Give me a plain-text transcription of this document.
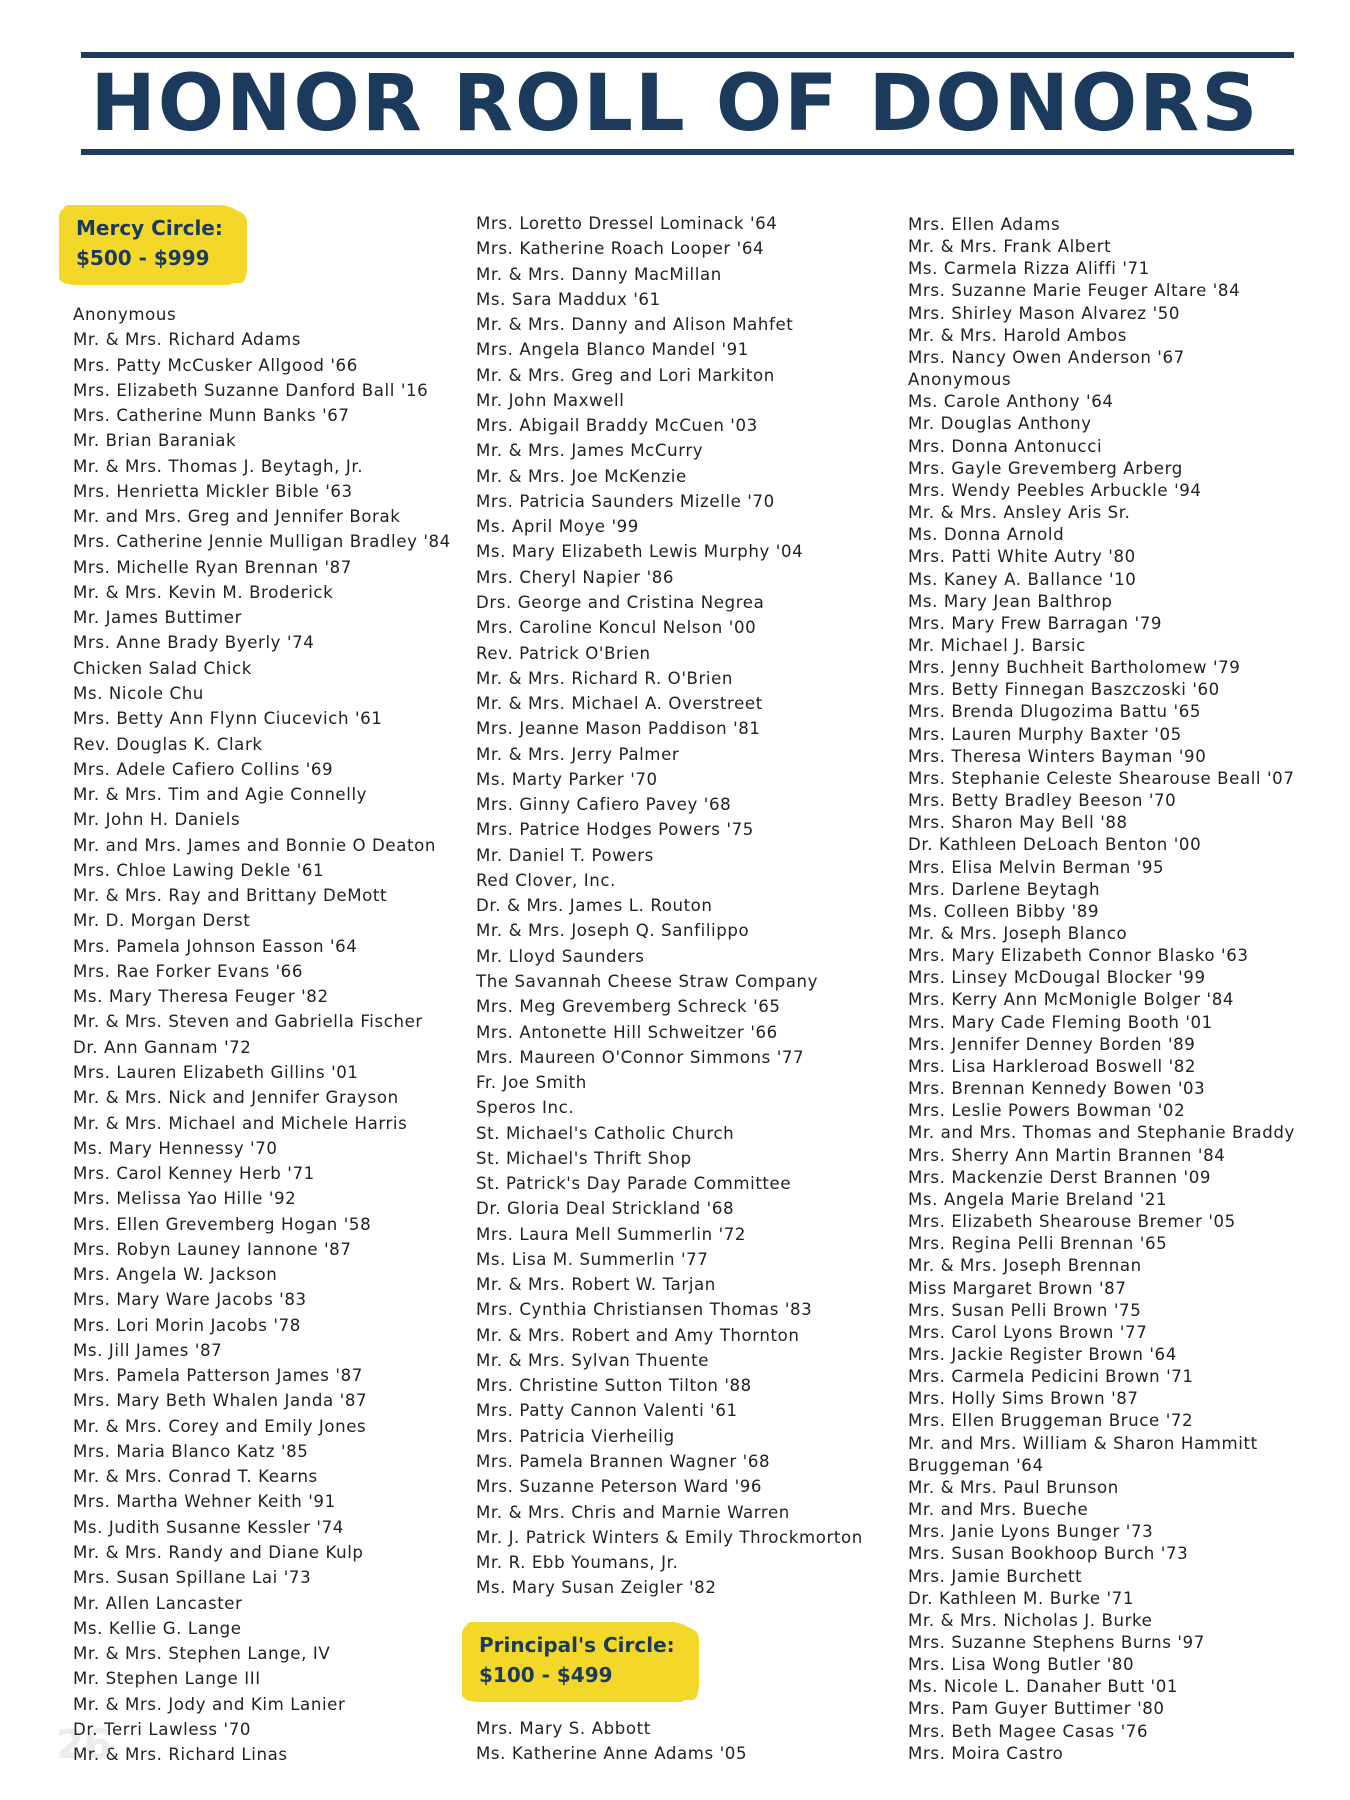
HONOR ROLL OF DONORS
26
Mercy Circle:
$500 - $999
Anonymous
Mr. & Mrs. Richard Adams
Mrs. Patty McCusker Allgood '66
Mrs. Elizabeth Suzanne Danford Ball '16
Mrs. Catherine Munn Banks '67
Mr. Brian Baraniak
Mr. & Mrs. Thomas J. Beytagh, Jr.
Mrs. Henrietta Mickler Bible '63
Mr. and Mrs. Greg and Jennifer Borak
Mrs. Catherine Jennie Mulligan Bradley '84
Mrs. Michelle Ryan Brennan '87
Mr. & Mrs. Kevin M. Broderick
Mr. James Buttimer
Mrs. Anne Brady Byerly '74
Chicken Salad Chick
Ms. Nicole Chu
Mrs. Betty Ann Flynn Ciucevich '61
Rev. Douglas K. Clark
Mrs. Adele Cafiero Collins '69
Mr. & Mrs. Tim and Agie Connelly
Mr. John H. Daniels
Mr. and Mrs. James and Bonnie O Deaton
Mrs. Chloe Lawing Dekle '61
Mr. & Mrs. Ray and Brittany DeMott
Mr. D. Morgan Derst
Mrs. Pamela Johnson Easson '64
Mrs. Rae Forker Evans '66
Ms. Mary Theresa Feuger '82
Mr. & Mrs. Steven and Gabriella Fischer
Dr. Ann Gannam '72
Mrs. Lauren Elizabeth Gillins '01
Mr. & Mrs. Nick and Jennifer Grayson
Mr. & Mrs. Michael and Michele Harris
Ms. Mary Hennessy '70
Mrs. Carol Kenney Herb '71
Mrs. Melissa Yao Hille '92
Mrs. Ellen Grevemberg Hogan '58
Mrs. Robyn Launey Iannone '87
Mrs. Angela W. Jackson
Mrs. Mary Ware Jacobs '83
Mrs. Lori Morin Jacobs '78
Ms. Jill James '87
Mrs. Pamela Patterson James '87
Mrs. Mary Beth Whalen Janda '87
Mr. & Mrs. Corey and Emily Jones
Mrs. Maria Blanco Katz '85
Mr. & Mrs. Conrad T. Kearns
Mrs. Martha Wehner Keith '91
Ms. Judith Susanne Kessler '74
Mr. & Mrs. Randy and Diane Kulp
Mrs. Susan Spillane Lai '73
Mr. Allen Lancaster
Ms. Kellie G. Lange
Mr. & Mrs. Stephen Lange, IV
Mr. Stephen Lange III
Mr. & Mrs. Jody and Kim Lanier
Dr. Terri Lawless '70
Mr. & Mrs. Richard Linas
Mrs. Loretto Dressel Lominack '64
Mrs. Katherine Roach Looper '64
Mr. & Mrs. Danny MacMillan
Ms. Sara Maddux '61
Mr. & Mrs. Danny and Alison Mahfet
Mrs. Angela Blanco Mandel '91
Mr. & Mrs. Greg and Lori Markiton
Mr. John Maxwell
Mrs. Abigail Braddy McCuen '03
Mr. & Mrs. James McCurry
Mr. & Mrs. Joe McKenzie
Mrs. Patricia Saunders Mizelle '70
Ms. April Moye '99
Ms. Mary Elizabeth Lewis Murphy '04
Mrs. Cheryl Napier '86
Drs. George and Cristina Negrea
Mrs. Caroline Koncul Nelson '00
Rev. Patrick O'Brien
Mr. & Mrs. Richard R. O'Brien
Mr. & Mrs. Michael A. Overstreet
Mrs. Jeanne Mason Paddison '81
Mr. & Mrs. Jerry Palmer
Ms. Marty Parker '70
Mrs. Ginny Cafiero Pavey '68
Mrs. Patrice Hodges Powers '75
Mr. Daniel T. Powers
Red Clover, Inc.
Dr. & Mrs. James L. Routon
Mr. & Mrs. Joseph Q. Sanfilippo
Mr. Lloyd Saunders
The Savannah Cheese Straw Company
Mrs. Meg Grevemberg Schreck '65
Mrs. Antonette Hill Schweitzer '66
Mrs. Maureen O'Connor Simmons '77
Fr. Joe Smith
Speros Inc.
St. Michael's Catholic Church
St. Michael's Thrift Shop
St. Patrick's Day Parade Committee
Dr. Gloria Deal Strickland '68
Mrs. Laura Mell Summerlin '72
Ms. Lisa M. Summerlin '77
Mr. & Mrs. Robert W. Tarjan
Mrs. Cynthia Christiansen Thomas '83
Mr. & Mrs. Robert and Amy Thornton
Mr. & Mrs. Sylvan Thuente
Mrs. Christine Sutton Tilton '88
Mrs. Patty Cannon Valenti '61
Mrs. Patricia Vierheilig
Mrs. Pamela Brannen Wagner '68
Mrs. Suzanne Peterson Ward '96
Mr. & Mrs. Chris and Marnie Warren
Mr. J. Patrick Winters & Emily Throckmorton
Mr. R. Ebb Youmans, Jr.
Ms. Mary Susan Zeigler '82
Principal's Circle:
$100 - $499
Mrs. Mary S. Abbott
Ms. Katherine Anne Adams '05
Mrs. Ellen Adams
Mr. & Mrs. Frank Albert
Ms. Carmela Rizza Aliffi '71
Mrs. Suzanne Marie Feuger Altare '84
Mrs. Shirley Mason Alvarez '50
Mr. & Mrs. Harold Ambos
Mrs. Nancy Owen Anderson '67
Anonymous
Ms. Carole Anthony '64
Mr. Douglas Anthony
Mrs. Donna Antonucci
Mrs. Gayle Grevemberg Arberg
Mrs. Wendy Peebles Arbuckle '94
Mr. & Mrs. Ansley Aris Sr.
Ms. Donna Arnold
Mrs. Patti White Autry '80
Ms. Kaney A. Ballance '10
Ms. Mary Jean Balthrop
Mrs. Mary Frew Barragan '79
Mr. Michael J. Barsic
Mrs. Jenny Buchheit Bartholomew '79
Mrs. Betty Finnegan Baszczoski '60
Mrs. Brenda Dlugozima Battu '65
Mrs. Lauren Murphy Baxter '05
Mrs. Theresa Winters Bayman '90
Mrs. Stephanie Celeste Shearouse Beall '07
Mrs. Betty Bradley Beeson '70
Mrs. Sharon May Bell '88
Dr. Kathleen DeLoach Benton '00
Mrs. Elisa Melvin Berman '95
Mrs. Darlene Beytagh
Ms. Colleen Bibby '89
Mr. & Mrs. Joseph Blanco
Mrs. Mary Elizabeth Connor Blasko '63
Mrs. Linsey McDougal Blocker '99
Mrs. Kerry Ann McMonigle Bolger '84
Mrs. Mary Cade Fleming Booth '01
Mrs. Jennifer Denney Borden '89
Mrs. Lisa Harkleroad Boswell '82
Mrs. Brennan Kennedy Bowen '03
Mrs. Leslie Powers Bowman '02
Mr. and Mrs. Thomas and Stephanie Braddy
Mrs. Sherry Ann Martin Brannen '84
Mrs. Mackenzie Derst Brannen '09
Ms. Angela Marie Breland '21
Mrs. Elizabeth Shearouse Bremer '05
Mrs. Regina Pelli Brennan '65
Mr. & Mrs. Joseph Brennan
Miss Margaret Brown '87
Mrs. Susan Pelli Brown '75
Mrs. Carol Lyons Brown '77
Mrs. Jackie Register Brown '64
Mrs. Carmela Pedicini Brown '71
Mrs. Holly Sims Brown '87
Mrs. Ellen Bruggeman Bruce '72
Mr. and Mrs. William & Sharon Hammitt
Bruggeman '64
Mr. & Mrs. Paul Brunson
Mr. and Mrs. Bueche
Mrs. Janie Lyons Bunger '73
Mrs. Susan Bookhoop Burch '73
Mrs. Jamie Burchett
Dr. Kathleen M. Burke '71
Mr. & Mrs. Nicholas J. Burke
Mrs. Suzanne Stephens Burns '97
Mrs. Lisa Wong Butler '80
Ms. Nicole L. Danaher Butt '01
Mrs. Pam Guyer Buttimer '80
Mrs. Beth Magee Casas '76
Mrs. Moira Castro
